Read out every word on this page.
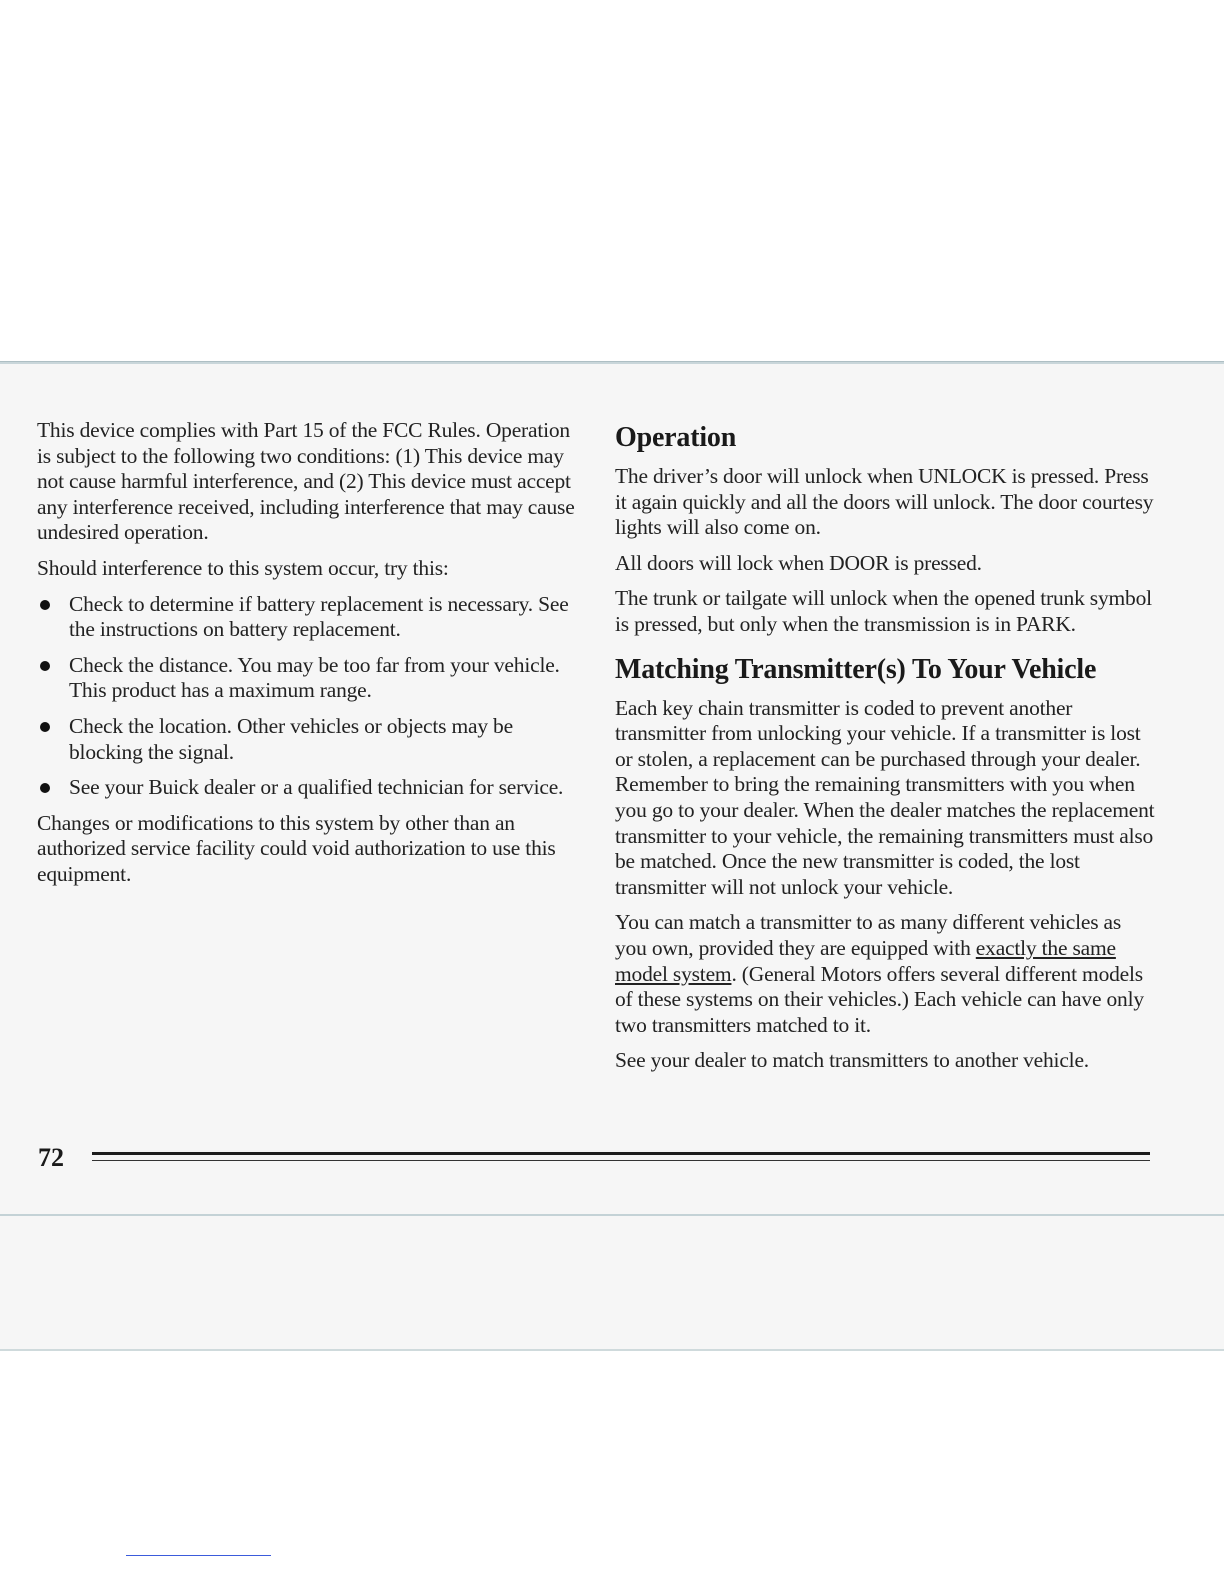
This device complies with Part 15 of the FCC Rules. Operation is subject to the following two conditions: (1) This device may not cause harmful interference, and (2) This device must accept any interference received, including interference that may cause undesired operation.

Should interference to this system occur, try this:

Check to determine if battery replacement is necessary. See the instructions on battery replacement.
Check the distance. You may be too far from your vehicle. This product has a maximum range.
Check the location. Other vehicles or objects may be blocking the signal.
See your Buick dealer or a qualified technician for service.

Changes or modifications to this system by other than an authorized service facility could void authorization to use this equipment.

Operation

The driver’s door will unlock when UNLOCK is pressed. Press it again quickly and all the doors will unlock. The door courtesy lights will also come on.

All doors will lock when DOOR is pressed.

The trunk or tailgate will unlock when the opened trunk symbol is pressed, but only when the transmission is in PARK.

Matching Transmitter(s) To Your Vehicle

Each key chain transmitter is coded to prevent another transmitter from unlocking your vehicle. If a transmitter is lost or stolen, a replacement can be purchased through your dealer. Remember to bring the remaining transmitters with you when you go to your dealer. When the dealer matches the replacement transmitter to your vehicle, the remaining transmitters must also be matched. Once the new transmitter is coded, the lost transmitter will not unlock your vehicle.

You can match a transmitter to as many different vehicles as you own, provided they are equipped with exactly the same model system. (General Motors offers several different models of these systems on their vehicles.) Each vehicle can have only two transmitters matched to it.

See your dealer to match transmitters to another vehicle.

72
